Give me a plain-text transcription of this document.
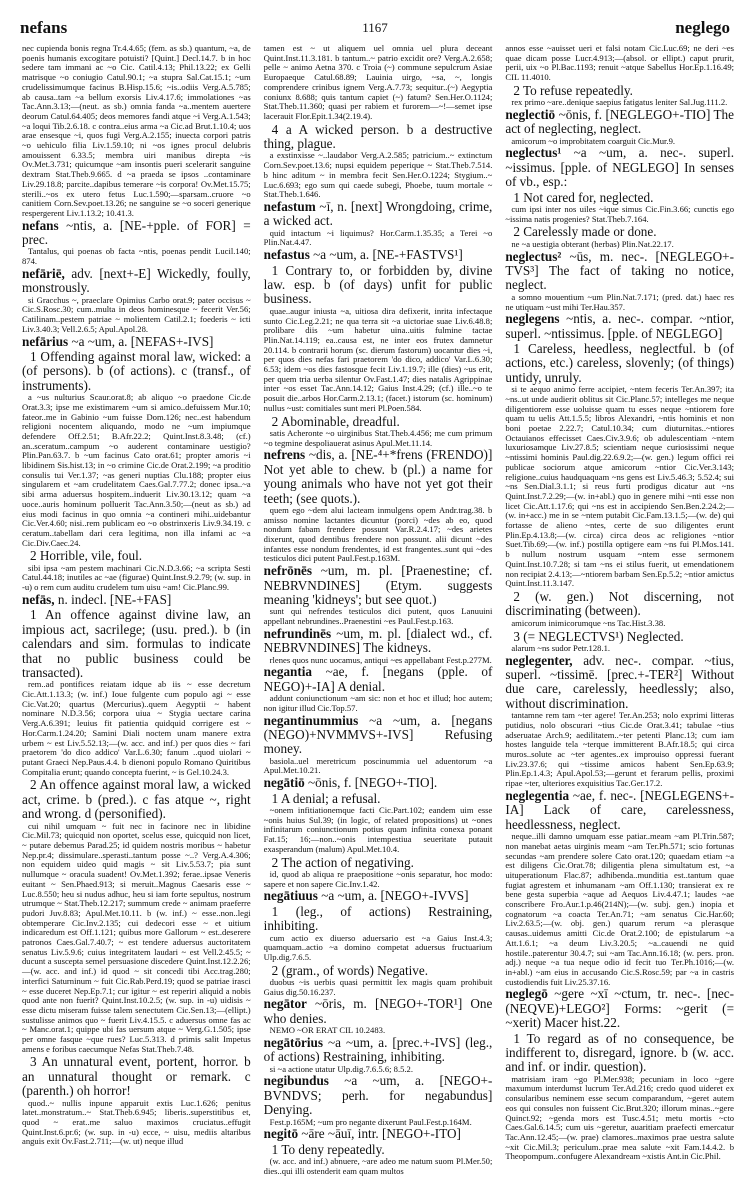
nefans	1167	neglego

nec cupienda bonis regna Tr.4.4.65; (fem. as sb.) quantum, ~a, de poenis humanis excogitare potuisti? [Quint.] Decl.14.7. b in hoc sedere tam immani ac ~o Cic. Catil.4.13; Phil.13.22; ex Gelli matrisque ~o coniugio Catul.90.1; ~a stupra Sal.Cat.15.1; ~um crudelissimumque facinus B.Hisp.15.6; ~is..odiis Verg.A.5.785; ab causa..tam ~a bellum exorsis Liv.4.17.6; immolationes ~as Tac.Ann.3.13;—(neut. as sb.) omnia fanda ~a..mentem auertere deorum Catul.64.405; deos memores fandi atque ~i Verg.A.1.543; ~a loqui Tib.2.6.18. c contra..eius arma ~a Cic.ad Brut.1.10.4; uos arae ensesque ~i, quos fugi Verg.A.2.155; inuecta corpori patris ~o uehiculo filia Liv.1.59.10; ni ~os ignes procul delubris amouissent 6.33.5; membra uiri manibus direpta ~is Ov.Met.3.731; quicumque ~am insontis pueri scelerarit sanguine dextram Stat.Theb.9.665. d ~a praeda se ipsos ..contaminare Liv.29.18.8; parcite..dapibus temerare ~is corpora! Ov.Met.15.75; sterili..~os ex utero fetus Luc.1.590;—sparsam..cruore ~o canitiem Corn.Sev.poet.13.26; ne sanguine se ~o soceri generique respergerent Liv.1.13.2; 10.41.3.

nefans ~ntis, a. [NE-+pple. of FOR] = prec.

Tantalus, qui poenas ob facta ~ntis, poenas pendit Lucil.140; 874.

nefāriē, adv. [next+-E] Wickedly, foully, monstrously.

si Gracchus ~, praeclare Opimius Carbo orat.9; pater occisus ~ Cic.S.Rosc.30; cum..multa in deos hominesque ~ fecerit Ver.56; Catilinam..pestem patriae ~ molientem Catil.2.1; foederis ~ icti Liv.3.40.3; Vell.2.6.5; Apul.Apol.28.

nefārius ~a ~um, a. [NEFAS+-IVS]

1 Offending against moral law, wicked: a (of persons). b (of actions). c (transf., of instruments).

a ~us nulturius Scaur.orat.8; ab aliquo ~o praedone Cic.de Orat.3.3; ipse me existimarem ~um si amico..defuissem Mur.10; fateor..me in Gabinio ~um fuisse Dom.126; nec..est habendum religioni nocentem aliquando, modo ne ~um impiumque defendere Off.2.51; B.Afr.22.2; Quint.Inst.8.3.48; (cf.) an..sceratum..campum ~o auderent contaminare uestigio? Plin.Pan.63.7. b ~um facinus Cato orat.61; propter amoris ~i libidinem Sis.hist.13; in ~o crimine Cic.de Orat.2.199; ~a proditio consulis tui Ver.1.37; ~as generi nuptias Clu.188; propter eius singularem et ~am crudelitatem Caes.Gal.7.77.2; donec ipsa..~a sibi arma aduersus hospitem..induerit Liv.30.13.12; quam ~a uoce..auris hominum polluerit Tac.Ann.3.50;—(neut as sb.) ad eius modi facinus in quo omnia ~a contineri mihi..uidebantur Cic.Ver.4.60; nisi..rem publicam eo ~o obstrinxeris Liv.9.34.19. c ceratum..tabellam dari cera legitima, non illa infami ac ~a Cic.Div.Caec.24.

2 Horrible, vile, foul.

sibi ipsa ~am pestem machinari Cic.N.D.3.66; ~a scripta Sesti Catul.44.18; inutiles ac ~ae (figurae) Quint.Inst.9.2.79; (w. sup. in -u) o rem cum auditu crudelem tum uisu ~am! Cic.Planc.99.

nefās, n. indecl. [NE-+FAS]

1 An offence against divine law, an impious act, sacrilege; (usu. pred.). b (in calendars and sim. formulas to indicate that no public business could be transacted).

rem..ad pontifices reiatam idque ab iis ~ esse decretum Cic.Att.1.13.3; (w. inf.) Ioue fulgente cum populo agi ~ esse Cic.Vat.20; quartus (Mercurius)..quem Aegyptii ~ habent nominare N.D.3.56; corpora uiua ~ Stygia uectare carina Verg.A.6.391; leuius fit patientia quidquid corrigere est ~ Hor.Carm.1.24.20; Samini Diali noctem unam manere extra urbem ~ est Liv.5.52.13;—(w. acc. and inf.) per quos dies ~ fari praetorem 'do dico addico' Var.L.6.30; fanum ..quod uiolari ~ putant Graeci Nep.Paus.4.4. b dienoni populo Romano Quiritibus Compitalia erunt; quando concepta fuerint, ~ is Gel.10.24.3.

2 An offence against moral law, a wicked act, crime. b (pred.). c fas atque ~, right and wrong. d (personified).

cui nihil umquam ~ fuit nec in facinore nec in libidine Cic.Mil.73; quicquid non oportet, scelus esse, quicquid non licet, ~ putare debemus Parad.25; id quidem nostris moribus ~ habetur Nep.pr.4; dissimulare..sperasti..tantum posse ~..? Verg.A.4.306; non equidem uideo quid magis ~ sit Liv.5.53.7; pia sunt nullumque ~ oracula suadent! Ov.Met.1.392; ferae..ipsae Veneris euitant ~ Sen.Phaed.913; si meruit..Magnus Caesaris esse ~ Luc.8.550; heu si nudus adhuc, heu si iam forte sepultus, nostrum utrumque ~ Stat.Theb.12.217; summum crede ~ animam praeferre pudori Juv.8.83; Apul.Met.10.11. b (w. inf.) ~ esse..non..legi obtemperare Cic.Inv.2.135; cui dedecori esse ~ et uitium indicaredum est Off.1.121; quibus more Gallorum ~ est..deserere patronos Caes.Gal.7.40.7; ~ est tendere aduersus auctoritatem senatus Liv.5.9.6; cuius integritatem laudari ~ est Vell.2.45.5; ~ ducunt a suscepta semel persuasione discedere Quint.Inst.12.2.26;—(w. acc. and inf.) id quod ~ sit concedi tibi Acc.trag.280; interfici Saturninum ~ fuit Cic.Rab.Perd.19; quod se patriae irasci ~ esse duceret Nep.Ep.7.1; cur igitur ~ est reperiri aliquid a nobis quod ante non fuerit? Quint.Inst.10.2.5; (w. sup. in -u) uidisis ~ esse dictu miseram fuisse talem senectutem Cic.Sen.13;—(ellipt.) sustulisse animos quo ~ fuerit Liv.4.15.5. c aduersus omne fas ac ~ Manc.orat.1; quippe ubi fas uersum atque ~ Verg.G.1.505; ipse per omne fasque ~que rues? Luc.5.313. d primis salit Impetus amens e foribus caecumque Nefas Stat.Theb.7.48.

3 An unnatural event, portent, horror. b an unnatural thought or remark. c (parenth.) oh horror!

quod..~ nullis inpune apparuit extis Luc.1.626; penitus latet..monstratum..~ Stat.Theb.6.945; liberis..superstitibus et, quod ~ erat..me saluo maximos cruciatus..effugit Quint.Inst.6.pr.6; (w. sup. in -u) ecce, ~ uisu, mediis altaribus anguis exit Ov.Fast.2.711;—(w. ut) neque illud

tamen est ~ ut aliquem uel omnia uel plura deceant Quint.Inst.11.3.181. b tantum..~ patrio excidit ore? Verg.A.2.658; pelle ~ animo Aetna 370. c Troia (~) commune sepulcrum Asiae Europaeque Catul.68.89; Lauinia uirgo, ~sa, ~, longis comprendere crinibus ignem Verg.A.7.73; sequitur..(~) Aegyptia coniunx 8.688; quis tantum capiet (~) fatum? Sen.Her.O.1124; Stat.Theb.11.360; quasi per rabiem et furorem—~!—semet ipse lacerauit Flor.Epit.1.34(2.19.4).

4 a A wicked person. b a destructive thing, plague.

a exstinxisse ~..laudabor Verg.A.2.585; patricium..~ extinctum Corn.Sev.poet.13.6; nupsi equidem peperique ~ Stat.Theb.7.514. b hinc aditum ~ in membra fecit Sen.Her.O.1224; Stygium..~ Luc.6.693; ego sum qui caede subegi, Phoebe, tuum mortale ~ Stat.Theb.1.646.

nefastum ~ī, n. [next] Wrongdoing, crime, a wicked act.

quid intactum ~i liquimus? Hor.Carm.1.35.35; a Terei ~o Plin.Nat.4.47.

nefastus ~a ~um, a. [NE-+FASTVS¹]

1 Contrary to, or forbidden by, divine law. esp. b (of days) unfit for public business.

quae..augur iniusta ~a, uitiosa dira defixerit, inrita infectaque sunto Cic.Leg.2.21; ne qua terra sit ~a uictoriae suae Liv.6.48.8; prolibare diis ~um habetur uina..uitis fulmine tactae Plin.Nat.14.119; ea..causa est, ne inter eos frutex damnetur 20.114. b contrarii horum (sc. dierum fastorum) uocantur dies ~i, per quos dies nefas fari praetorem 'do dico, addico' Var.L.6.30; 6.53; idem ~os dies fastosque fecit Liv.1.19.7; ille (dies) ~us erit, per quem tria uerba silentur Ov.Fast.1.47; dies natalis Agrippinae inter ~os esset Tac.Ann.14.12; Gaius Inst.4.29; (cf.) ille..~o te posuit die..arbos Hor.Carm.2.13.1; (facet.) istorum (sc. hominum) nullus ~ust: comitiales sunt meri Pl.Poen.584.

2 Abominable, dreadful.

satis Acheronte ~o uirginibus Stat.Theb.4.456; me cum primum ~o tegmine despoliauerat asinus Apul.Met.11.14.

nefrens ~dis, a. [NE-⁴+*frens (FRENDO)] Not yet able to chew. b (pl.) a name for young animals who have not yet got their teeth; (see quots.).

quem ego ~dem alui lacteam inmulgens opem Andr.trag.38. b amisso nomine lactantes dicuntur (porci) ~des ab eo, quod nondum fabam frendere possunt Var.R.2.4.17; ~des arietes dixerunt, quod dentibus frendere non possunt. alii dicunt ~des infantes esse nondum frendentes, id est frangentes..sunt qui ~des testiculos dici putent Paul.Fest.p.163M.

nefrōnēs ~um, m. pl. [Praenestine; cf. NEBRVNDINES] (Etym. suggests meaning 'kidneys'; but see quot.)

sunt qui nefrendes testiculos dici putent, quos Lanuuini appellant nebrundines..Praenestini ~es Paul.Fest.p.163.

nefrundinēs ~um, m. pl. [dialect wd., cf. NEBRVNDINES] The kidneys.

rlenes quos nunc uocamus, antiqui ~es appellabant Fest.p.277M.

negantia ~ae, f. [negans (pple. of NEGO)+-IA] A denial.

addunt coniunctionum ~am sic: non et hoc et illud; hoc autem; non igitur illud Cic.Top.57.

negantinummius ~a ~um, a. [negans (NEGO)+NVMMVS+-IVS] Refusing money.

basiola..uel meretricum poscinummia uel aduentorum ~a Apul.Met.10.21.

negātiō ~ōnis, f. [NEGO+-TIO].

1 A denial; a refusal.

~onem infitiationemque facti Cic.Part.102; eandem uim esse ~onis huius Sul.39; (in logic, of related propositions) ut ~ones infinitarum coniunctionum potius quam infinita conexa ponant Fat.15; 16;—non..~onis intempestiua seueritate putauit exasperandum (malum) Apul.Met.10.4.

2 The action of negativing.

id, quod ab aliqua re praepositione ~onis separatur, hoc modo: sapere et non sapere Cic.Inv.1.42.

negātiuus ~a ~um, a. [NEGO+-IVVS]

1 (leg., of actions) Restraining, inhibiting.

cum actio ex diuerso aduersario est ~a Gaius Inst.4.3; quamquam..actio ~a domino competat aduersus fructuarium Ulp.dig.7.6.5.

2 (gram., of words) Negative.

duobus ~is uerbis quasi permittit lex magis quam prohibuit Gaius dig.50.16.237.

negātor ~ōris, m. [NEGO+-TOR¹] One who denies.

NEMO ~OR ERAT CIL 10.2483.

negātōrius ~a ~um, a. [prec.+-IVS] (leg., of actions) Restraining, inhibiting.

si ~a actione utatur Ulp.dig.7.6.5.6; 8.5.2.

negibundus ~a ~um, a. [NEGO+-BVNDVS; perh. for negabundus] Denying.

Fest.p.165M; ~um pro negante dixerunt Paul.Fest.p.164M.

negitō ~āre ~āuī, intr. [NEGO+-ITO]

1 To deny repeatedly.

(w. acc. and inf.) abnuere, ~are adeo me natum suom Pl.Mer.50; dies..qui illi ostenderit eam quam multos

annos esse ~auisset ueri et falsi notam Cic.Luc.69; ne deri ~es quae dicam posse Lucr.4.913;—(absol. or ellipt.) caput prurit, perii, uix ~o Pl.Bac.1193; renuit ~atque Sabellus Hor.Ep.1.16.49; CIL 11.4010.

2 To refuse repeatedly.

rex primo ~are..denique saepius fatigatus leniter Sal.Jug.111.2.

neglectiō ~ōnis, f. [NEGLEGO+-TIO] The act of neglecting, neglect.

amicorum ~o improbitatem coarguit Cic.Mur.9.

neglectus¹ ~a ~um, a. nec-. superl. ~issimus. [pple. of NEGLEGO] In senses of vb., esp.:

1 Not cared for, neglected.

cum ipsi inter nos uiles ~ique simus Cic.Fin.3.66; cunctis ego ~issima natis progenies? Stat.Theb.7.164.

2 Carelessly made or done.

ne ~a uestigia obterant (herbas) Plin.Nat.22.17.

neglectus² ~ūs, m. nec-. [NEGLEGO+-TVS³] The fact of taking no notice, neglect.

a somno mouentium ~um Plin.Nat.7.171; (pred. dat.) haec res ne utiquam ~ust mihi Ter.Hau.357.

neglegens ~ntis, a. nec-. compar. ~ntior, superl. ~ntissimus. [pple. of NEGLEGO]

1 Careless, heedless, neglectful. b (of actions, etc.) careless, slovenly; (of things) untidy, unruly.

si te aequo animo ferre accipiet, ~ntem feceris Ter.An.397; ita ~ns..ut unde audierit oblitus sit Cic.Planc.57; intelleges me neque diligentiorem esse uoluisse quam tu esses neque ~ntiorem fore quam tu uelis Att.1.5.5; libros Alexandri, ~ntis hominis et non boni poetae 2.22.7; Catul.10.34; cum diuturnitas..~ntiores Octauianos effecisset Caes.Civ.3.9.6; ob adulescentiam ~ntem luxuriosamque Liv.27.8.5; scientiam neque curiosissimi neque ~ntissimi hominis Paul.dig.22.6.9.2;—(w. gen.) legum offici rei publicae sociorum atque amicorum ~ntior Cic.Ver.3.143; religione..cuius haudquaquam ~ns gens est Liv.5.46.3; 5.52.4; sui ~ns Sen.Dial.3.1.1; si reus furti prodigus dicatur aut ~ns Quint.Inst.7.2.29;—(w. in+abl.) quo in genere mihi ~nti esse non licet Cic.Att.1.17.6; qui ~ns est in accipiendo Sen.Ben.2.24.2;—(w. in+acc.) me in se ~ntem putabit Cic.Fam.13.1.5;—(w. de) qui fortasse de alieno ~ntes, certe de suo diligentes erunt Plin.Ep.4.13.8;—(w. circa) circa deos ac religiones ~ntior Suet.Tib.69;—(w. inf.) postilla optigere eam ~ns fui Pl.Mos.141. b nullum nostrum usquam ~ntem esse sermonem Quint.Inst.10.7.28; si tam ~ns ei stilus fuerit, ut emendationem non recipiat 2.4.13;—~ntiorem barbam Sen.Ep.5.2; ~ntior amictus Quint.Inst.11.3.147.

2 (w. gen.) Not discerning, not discriminating (between).

amicorum inimicorumque ~ns Tac.Hist.3.38.

3 (= NEGLECTVS¹) Neglected.

alarum ~ns sudor Petr.128.1.

neglegenter, adv. nec-. compar. ~tius, superl. ~tissimē. [prec.+-TER²] Without due care, carelessly, heedlessly; also, without discrimination.

tantamne rem tam ~ter agere! Ter.An.253; nolo exprimi litteras putidius, nolo obscurari ~tius Cic.de Orat.3.41; tabulae ~tius adseruatae Arch.9; aedilitatem..~ter petenti Planc.13; cum iam hostes languide tela ~terque immitterent B.Afr.18.5; qui circa muros..solute ac ~ter agentes..ex improuiso oppressi fuerant Liv.23.37.6; qui ~tissime amicos habent Sen.Ep.63.9; Plin.Ep.1.4.3; Apul.Apol.53;—gerunt et ferarum pellis, proximi ripae ~ter, ulteriores exquisitius Tac.Ger.17.2.

neglegentia ~ae, f. nec-. [NEGLEGENS+-IA] Lack of care, carelessness, heedlessness, neglect.

neque..illi damno umquam esse patiar..meam ~am Pl.Trin.587; non manebat aetas uirginis meam ~am Ter.Ph.571; scio fortunas secundas ~am prendere solere Cato orat.120; quaedam etiam ~a est diligens Cic.Orat.78; diligentia plena simultatum est, ~a uituperationum Flac.87; adhibenda..munditia est..tantum quae fugiat agrestem et inhumanam ~am Off.1.130; transierat ex re bene gesta superbia ~aque ad Aequos Liv.4.47.1; laudes ~ae conscribere Fro.Aur.1.p.46(214N);—(w. subj. gen.) inopia et cognatorum ~a coacta Ter.An.71; ~am senatus Cic.Har.60; Liv.2.63.5;—(w. obj. gen.) quarum rerum ~a plerasque causas..uidemus amitti Cic.de Orat.2.100; de epistularum ~a Att.1.6.1; ~a deum Liv.3.20.5; ~a..cauendi ne quid hostile..paterentur 30.4.7; sui ~am Tac.Ann.16.18; (w. pers. pron. adj.) neque ~a tua neque odio id fecit tuo Ter.Ph.1016;—(w. in+abl.) ~am eius in accusando Cic.S.Rosc.59; par ~a in castris custodiendis fuit Liv.25.37.16.

neglegō ~gere ~xī ~ctum, tr. nec-. [nec-(NEQVE)+LEGO²] Forms: ~gerit (= ~xerit) Macer hist.22.

1 To regard as of no consequence, be indifferent to, disregard, ignore. b (w. acc. and inf. or indir. question).

matrisiam iram ~go Pl.Mer.938; pecuniam in loco ~gere maxumum interdumst lucrum Ter.Ad.216; credo quod uideret ex consularibus neminem esse secum comparandum, ~geret autem eos qui consules non fuissent Cic.Brut.320; illorum minas..~gere Quinct.92; ~genda mors est Tusc.4.51; metu mortis ~cto Caes.Gal.6.14.5; cum uis ~geretur, auaritiam praefecti emercatur Tac.Ann.12.45;—(w. prae) clamores..maximos prae uestra salute ~xit Cic.Mil.3; periculum..prae mea salute ~xit Fam.14.4.2. b Theopompum..confugere Alexandream ~xistis Ant.in Cic.Phil.
